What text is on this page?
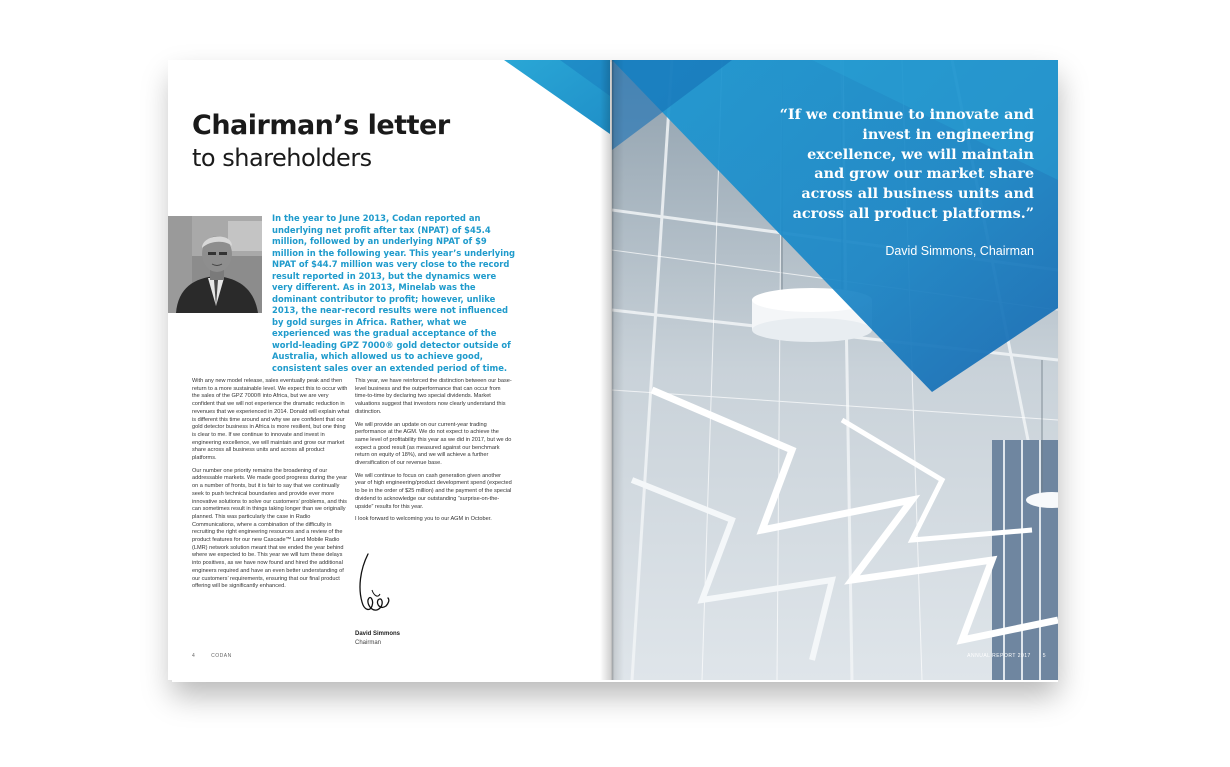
Chairman’s letter
to shareholders

In the year to June 2013, Codan reported an underlying net profit after tax (NPAT) of $45.4 million, followed by an underlying NPAT of $9 million in the following year. This year’s underlying NPAT of $44.7 million was very close to the record result reported in 2013, but the dynamics were very different. As in 2013, Minelab was the dominant contributor to profit; however, unlike 2013, the near-record results were not influenced by gold surges in Africa. Rather, what we experienced was the gradual acceptance of the world-leading GPZ 7000® gold detector outside of Australia, which allowed us to achieve good, consistent sales over an extended period of time.

With any new model release, sales eventually peak and then return to a more sustainable level. We expect this to occur with the sales of the GPZ 7000® into Africa, but we are very confident that we will not experience the dramatic reduction in revenues that we experienced in 2014. Donald will explain what is different this time around and why we are confident that our gold detector business in Africa is more resilient, but one thing is clear to me. If we continue to innovate and invest in engineering excellence, we will maintain and grow our market share across all business units and across all product platforms.

Our number one priority remains the broadening of our addressable markets. We made good progress during the year on a number of fronts, but it is fair to say that we continually seek to push technical boundaries and provide ever more innovative solutions to solve our customers’ problems, and this can sometimes result in things taking longer than we originally planned. This was particularly the case in Radio Communications, where a combination of the difficulty in recruiting the right engineering resources and a review of the product features for our new Cascade™ Land Mobile Radio (LMR) network solution meant that we ended the year behind where we expected to be. This year we will turn these delays into positives, as we have now found and hired the additional engineers required and have an even better understanding of our customers’ requirements, ensuring that our final product offering will be significantly enhanced.

This year, we have reinforced the distinction between our base-level business and the outperformance that can occur from time-to-time by declaring two special dividends. Market valuations suggest that investors now clearly understand this distinction.

We will provide an update on our current-year trading performance at the AGM. We do not expect to achieve the same level of profitability this year as we did in 2017, but we do expect a good result (as measured against our benchmark return on equity of 18%), and we will achieve a further diversification of our revenue base.

We will continue to focus on cash generation given another year of high engineering/product development spend (expected to be in the order of $25 million) and the payment of the special dividend to acknowledge our outstanding “surprise-on-the-upside” results for this year.

I look forward to welcoming you to our AGM in October.

David Simmons

Chairman

4	CODAN

“If we continue to innovate and invest in engineering excellence, we will maintain and grow our market share across all business units and across all product platforms.”

David Simmons, Chairman

ANNUAL REPORT 2017 5
